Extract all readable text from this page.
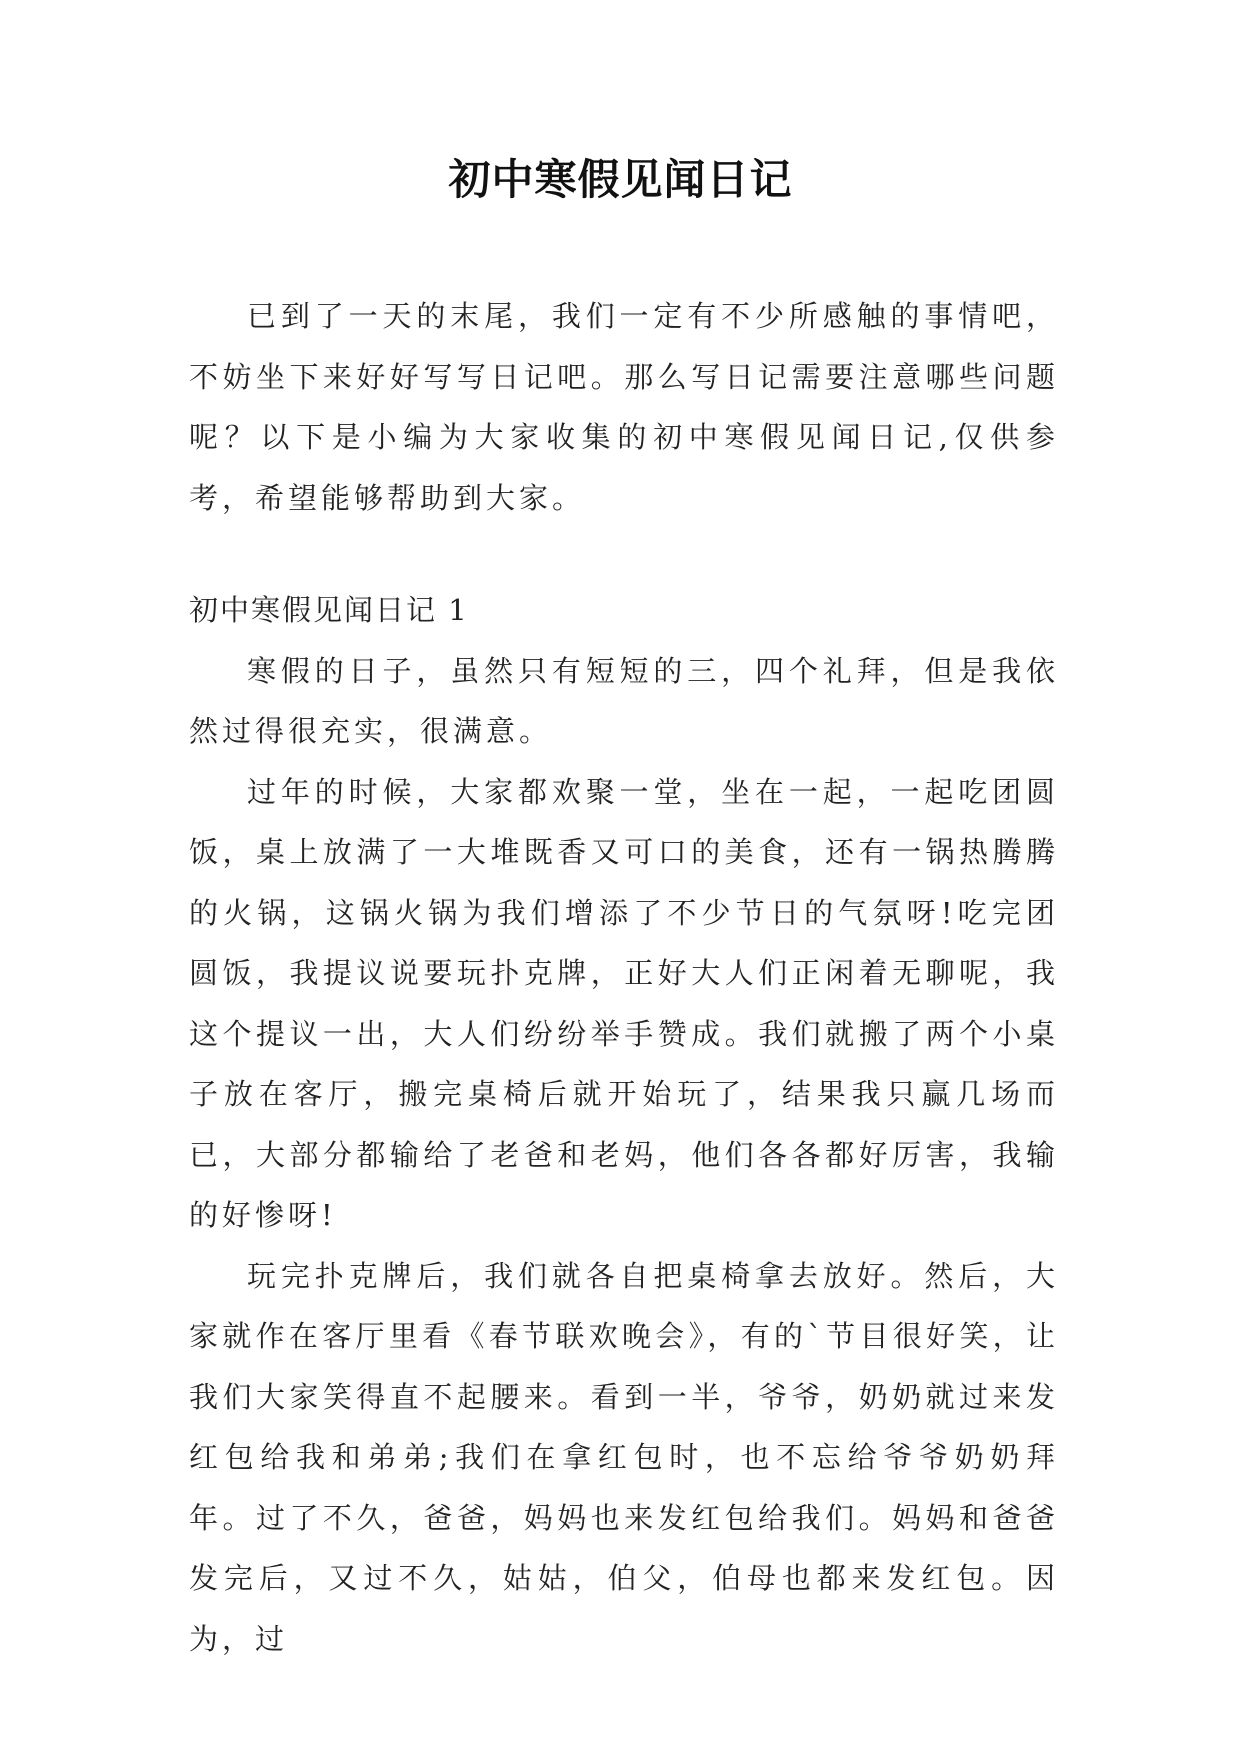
初中寒假见闻日记

已到了一天的末尾，我们一定有不少所感触的事情吧，不妨坐下来好好写写日记吧。那么写日记需要注意哪些问题呢？以下是小编为大家收集的初中寒假见闻日记,仅供参考，希望能够帮助到大家。

初中寒假见闻日记 1

寒假的日子，虽然只有短短的三，四个礼拜，但是我依然过得很充实，很满意。

过年的时候，大家都欢聚一堂，坐在一起，一起吃团圆饭，桌上放满了一大堆既香又可口的美食，还有一锅热腾腾的火锅，这锅火锅为我们增添了不少节日的气氛呀!吃完团圆饭，我提议说要玩扑克牌，正好大人们正闲着无聊呢，我这个提议一出，大人们纷纷举手赞成。我们就搬了两个小桌子放在客厅，搬完桌椅后就开始玩了，结果我只赢几场而已，大部分都输给了老爸和老妈，他们各各都好厉害，我输的好惨呀!

玩完扑克牌后，我们就各自把桌椅拿去放好。然后，大家就作在客厅里看《春节联欢晚会》，有的`节目很好笑，让我们大家笑得直不起腰来。看到一半，爷爷，奶奶就过来发红包给我和弟弟;我们在拿红包时，也不忘给爷爷奶奶拜年。过了不久，爸爸，妈妈也来发红包给我们。妈妈和爸爸发完后，又过不久，姑姑，伯父，伯母也都来发红包。因为，过
